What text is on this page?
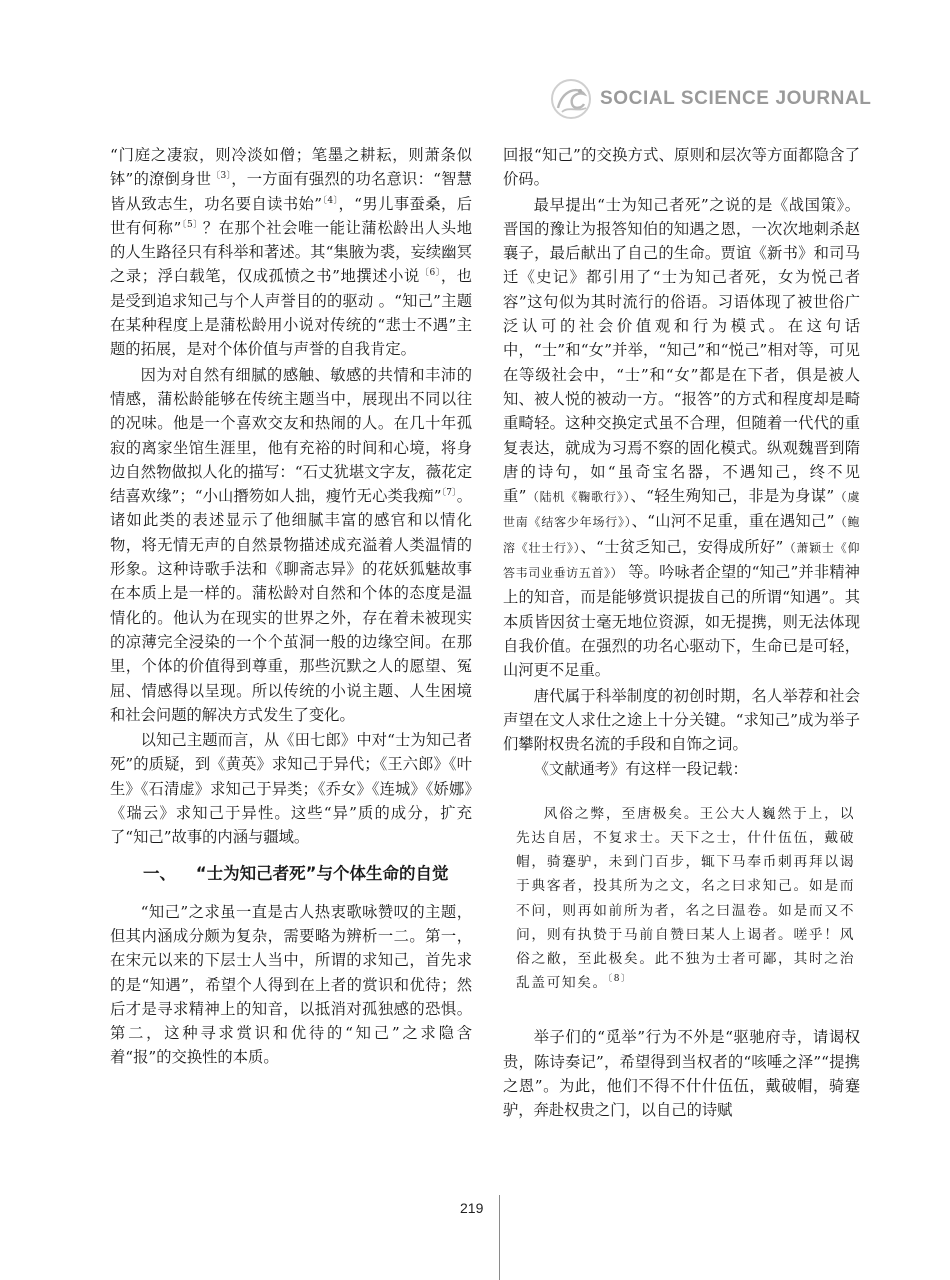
SOCIAL SCIENCE JOURNAL

“门庭之凄寂，则冷淡如僧；笔墨之耕耘，则萧条似钵”的潦倒身世$^{〔3〕}$，一方面有强烈的功名意识：“智慧皆从致志生，功名要自读书始”$^{〔4〕}$，“男儿事蚕桑，后世有何称”$^{〔5〕}$？在那个社会唯一能让蒲松龄出人头地的人生路径只有科举和著述。其“集腋为裘，妄续幽冥之录；浮白载笔，仅成孤愤之书”地撰述小说$^{〔6〕}$，也是受到追求知己与个人声誉目的的驱动 。“知己”主题在某种程度上是蒲松龄用小说对传统的“悲士不遇”主题的拓展，是对个体价值与声誉的自我肯定。

因为对自然有细腻的感触、敏感的共情和丰沛的情感，蒲松龄能够在传统主题当中，展现出不同以往的况味。他是一个喜欢交友和热闹的人。在几十年孤寂的离家坐馆生涯里，他有充裕的时间和心境，将身边自然物做拟人化的描写：“石丈犹堪文字友，薇花定结喜欢缘”；“小山撍笏如人拙，瘦竹无心类我痴”$^{〔7〕}$。诸如此类的表述显示了他细腻丰富的感官和以情化物，将无情无声的自然景物描述成充溢着人类温情的形象。这种诗歌手法和《聊斋志异》的花妖狐魅故事在本质上是一样的。蒲松龄对自然和个体的态度是温情化的。他认为在现实的世界之外，存在着未被现实的凉薄完全浸染的一个个茧洞一般的边缘空间。在那里，个体的价值得到尊重，那些沉默之人的愿望、冤屈、情感得以呈现。所以传统的小说主题、人生困境和社会问题的解决方式发生了变化。

以知己主题而言，从《田七郎》中对“士为知己者死”的质疑，到《黄英》求知己于异代；《王六郎》《叶生》《石清虚》求知己于异类；《乔女》《连城》《娇娜》《瑞云》求知己于异性。这些“异”质的成分，扩充了“知己”故事的内涵与疆域。

一、 “士为知己者死”与个体生命的自觉

“知己”之求虽一直是古人热衷歌咏赞叹的主题，但其内涵成分颇为复杂，需要略为辨析一二。第一，在宋元以来的下层士人当中，所谓的求知己，首先求的是“知遇”，希望个人得到在上者的赏识和优待；然后才是寻求精神上的知音，以抵消对孤独感的恐惧。第二，这种寻求赏识和优待的“知己”之求隐含着“报”的交换性的本质。

回报“知己”的交换方式、原则和层次等方面都隐含了价码。

最早提出“士为知己者死”之说的是《战国策》。晋国的豫让为报答知伯的知遇之恩，一次次地刺杀赵襄子，最后献出了自己的生命。贾谊《新书》和司马迁《史记》都引用了“士为知己者死，女为悦己者容”这句似为其时流行的俗语。习语体现了被世俗广泛认可的社会价值观和行为模式。在这句话中，“士”和“女”并举，“知己”和“悦己”相对等，可见在等级社会中，“士”和“女”都是在下者，俱是被人知、被人悦的被动一方。“报答”的方式和程度却是畸重畸轻。这种交换定式虽不合理，但随着一代代的重复表达，就成为习焉不察的固化模式。纵观魏晋到隋唐的诗句，如“虽奇宝名器，不遇知己，终不见重”（陆机《鞠歌行》）、“轻生殉知己，非是为身谋”（虞世南《结客少年场行》）、“山河不足重，重在遇知己”（鲍溶《壮士行》）、“士贫乏知己，安得成所好”（萧颖士《仰答韦司业垂访五首》） 等。吟咏者企望的“知己”并非精神上的知音，而是能够赏识提拔自己的所谓“知遇”。其本质皆因贫士毫无地位资源，如无提携，则无法体现自我价值。在强烈的功名心驱动下，生命已是可轻，山河更不足重。

唐代属于科举制度的初创时期，名人举荐和社会声望在文人求仕之途上十分关键。“求知己”成为举子们攀附权贵名流的手段和自饰之词。

《文献通考》有这样一段记载：

风俗之弊，至唐极矣。王公大人巍然于上，以先达自居，不复求士。天下之士，什什伍伍，戴破帽，骑蹇驴，未到门百步，辄下马奉币刺再拜以谒于典客者，投其所为之文，名之曰求知己。如是而不问，则再如前所为者，名之曰温卷。如是而又不问，则有执贽于马前自赞曰某人上谒者。嗟乎！风俗之敝，至此极矣。此不独为士者可鄙，其时之治乱盖可知矣。$^{〔8〕}$

举子们的“觅举”行为不外是“驱驰府寺，请谒权贵，陈诗奏记”，希望得到当权者的“咳唾之泽”“提携之恩”。为此，他们不得不什什伍伍，戴破帽，骑蹇驴，奔赴权贵之门，以自己的诗赋

219
